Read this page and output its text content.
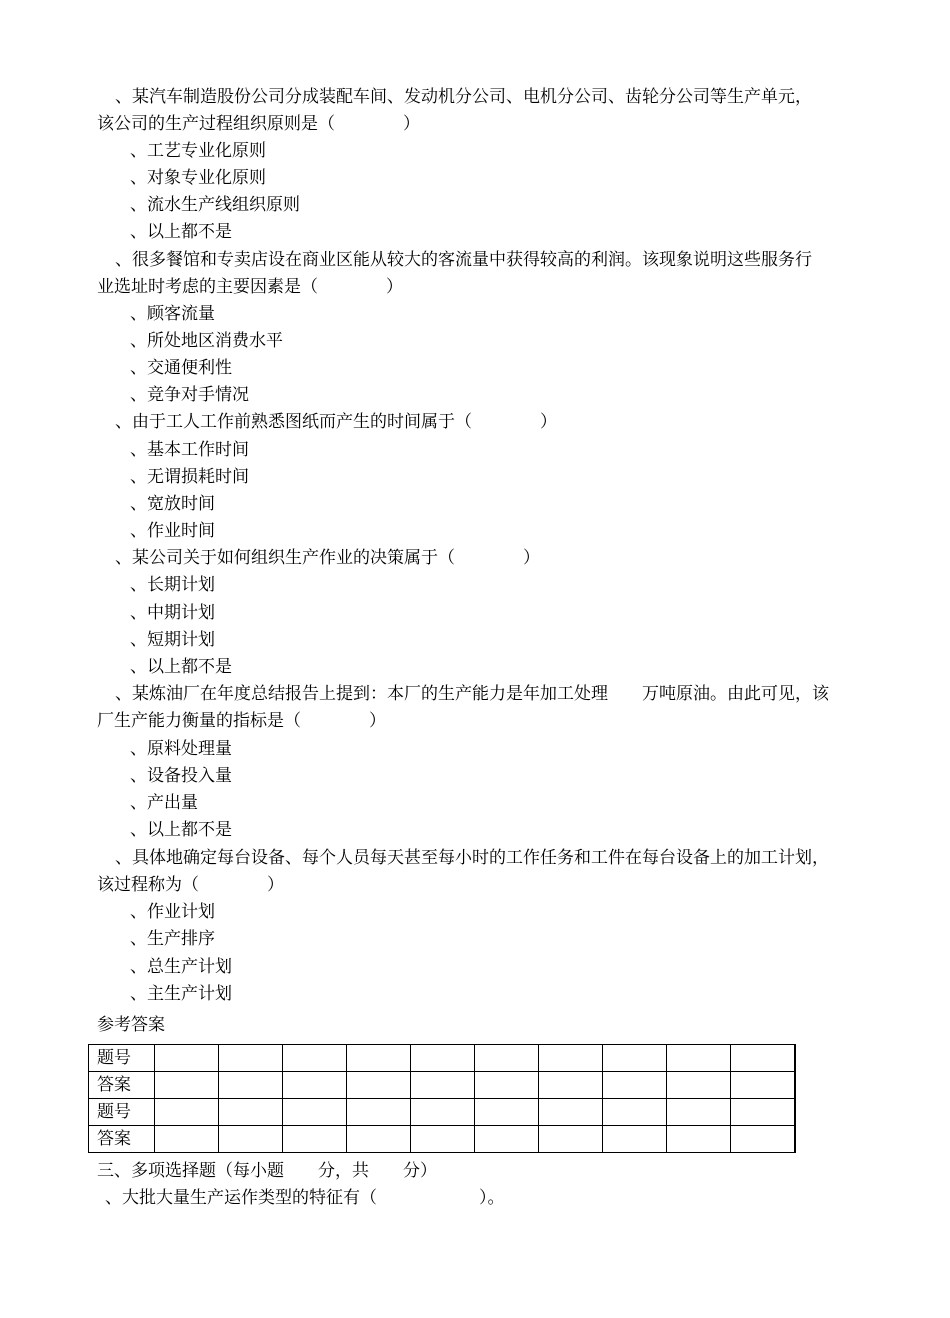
、某汽车制造股份公司分成装配车间、发动机分公司、电机分公司、齿轮分公司等生产单元，
该公司的生产过程组织原则是（　　　　）
、工艺专业化原则
、对象专业化原则
、流水生产线组织原则
、以上都不是
、很多餐馆和专卖店设在商业区能从较大的客流量中获得较高的利润。该现象说明这些服务行
业选址时考虑的主要因素是（　　　　）
、顾客流量
、所处地区消费水平
、交通便利性
、竞争对手情况
、由于工人工作前熟悉图纸而产生的时间属于（　　　　）
、基本工作时间
、无谓损耗时间
、宽放时间
、作业时间
、某公司关于如何组织生产作业的决策属于（　　　　）
、长期计划
、中期计划
、短期计划
、以上都不是
、某炼油厂在年度总结报告上提到：本厂的生产能力是年加工处理　　万吨原油。由此可见，该
厂生产能力衡量的指标是（　　　　）
、原料处理量
、设备投入量
、产出量
、以上都不是
、具体地确定每台设备、每个人员每天甚至每小时的工作任务和工件在每台设备上的加工计划，
该过程称为（　　　　）
、作业计划
、生产排序
、总生产计划
、主生产计划
参考答案
题号										
答案										
题号										
答案										
三、多项选择题（每小题　　分，共　　分）
、大批大量生产运作类型的特征有（　　　　　　）。
